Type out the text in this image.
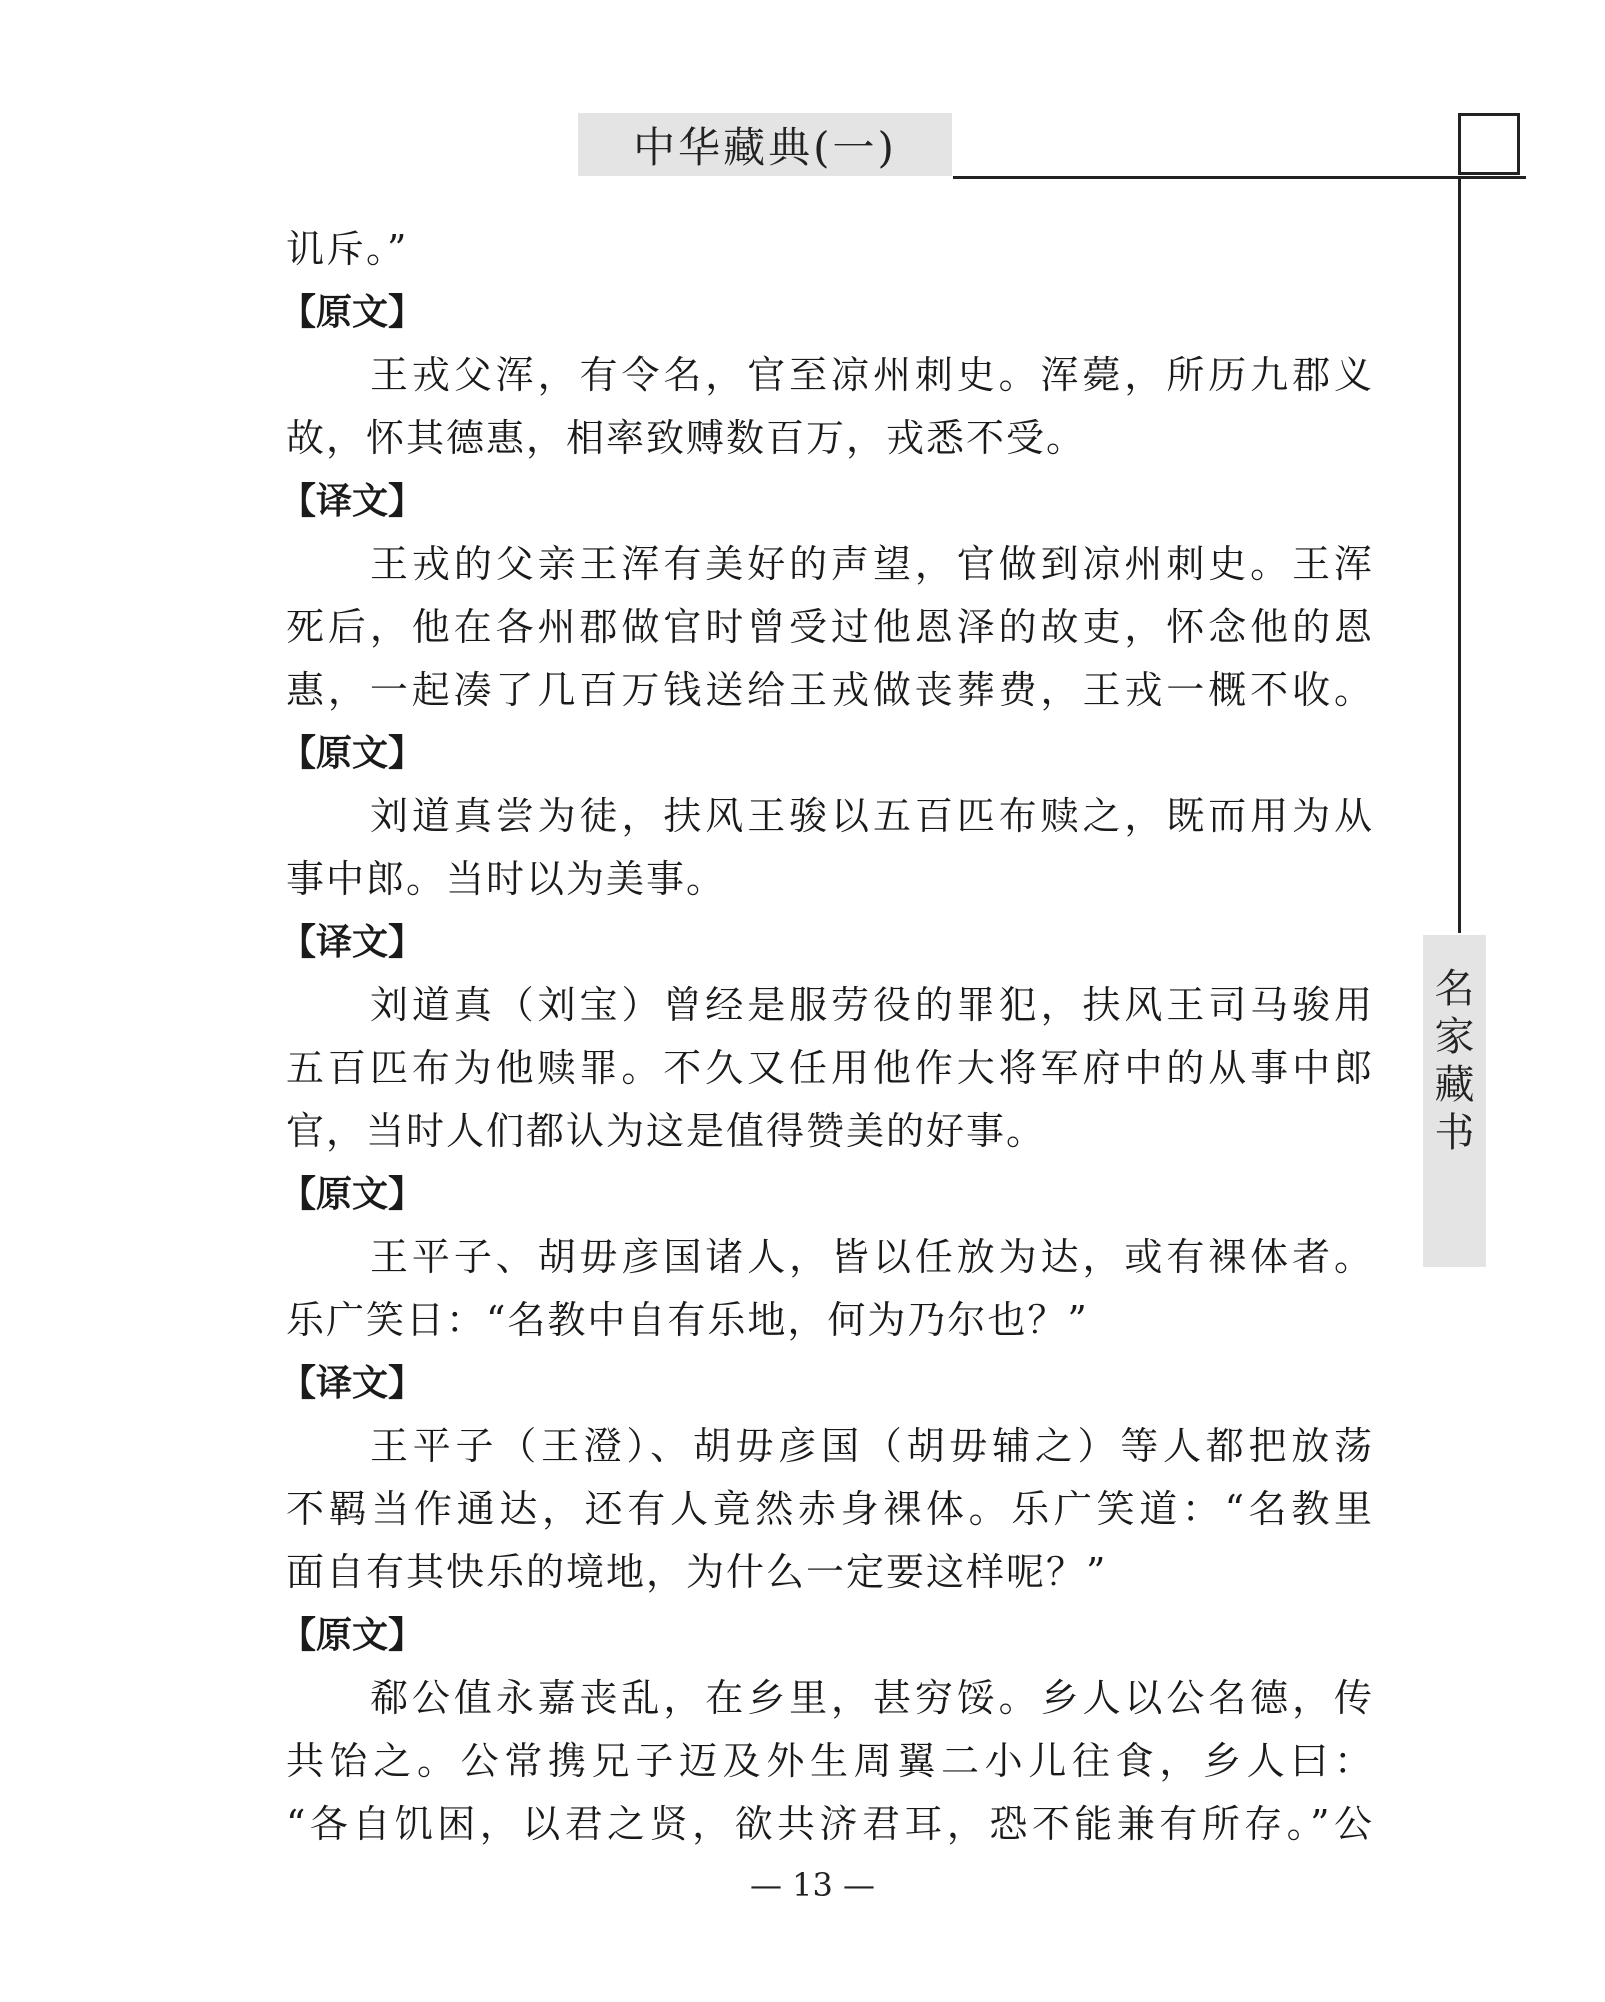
中华藏典(一)
名
家
藏
书
讥斥。”
【原文】
王戎父浑，有令名，官至凉州刺史。浑薨，所历九郡义
故，怀其德惠，相率致赙数百万，戎悉不受。
【译文】
王戎的父亲王浑有美好的声望，官做到凉州刺史。王浑
死后，他在各州郡做官时曾受过他恩泽的故吏，怀念他的恩
惠，一起凑了几百万钱送给王戎做丧葬费，王戎一概不收。
【原文】
刘道真尝为徒，扶风王骏以五百匹布赎之，既而用为从
事中郎。当时以为美事。
【译文】
刘道真（刘宝）曾经是服劳役的罪犯，扶风王司马骏用
五百匹布为他赎罪。不久又任用他作大将军府中的从事中郎
官，当时人们都认为这是值得赞美的好事。
【原文】
王平子、胡毋彦国诸人，皆以任放为达，或有裸体者。
乐广笑日：“名教中自有乐地，何为乃尔也？”
【译文】
王平子（王澄）、胡毋彦国（胡毋辅之）等人都把放荡
不羁当作通达，还有人竟然赤身裸体。乐广笑道：“名教里
面自有其快乐的境地，为什么一定要这样呢？”
【原文】
郗公值永嘉丧乱，在乡里，甚穷馁。乡人以公名德，传
共饴之。公常携兄子迈及外生周翼二小儿往食，乡人曰：
“各自饥困，以君之贤，欲共济君耳，恐不能兼有所存。”公
— 13 —
